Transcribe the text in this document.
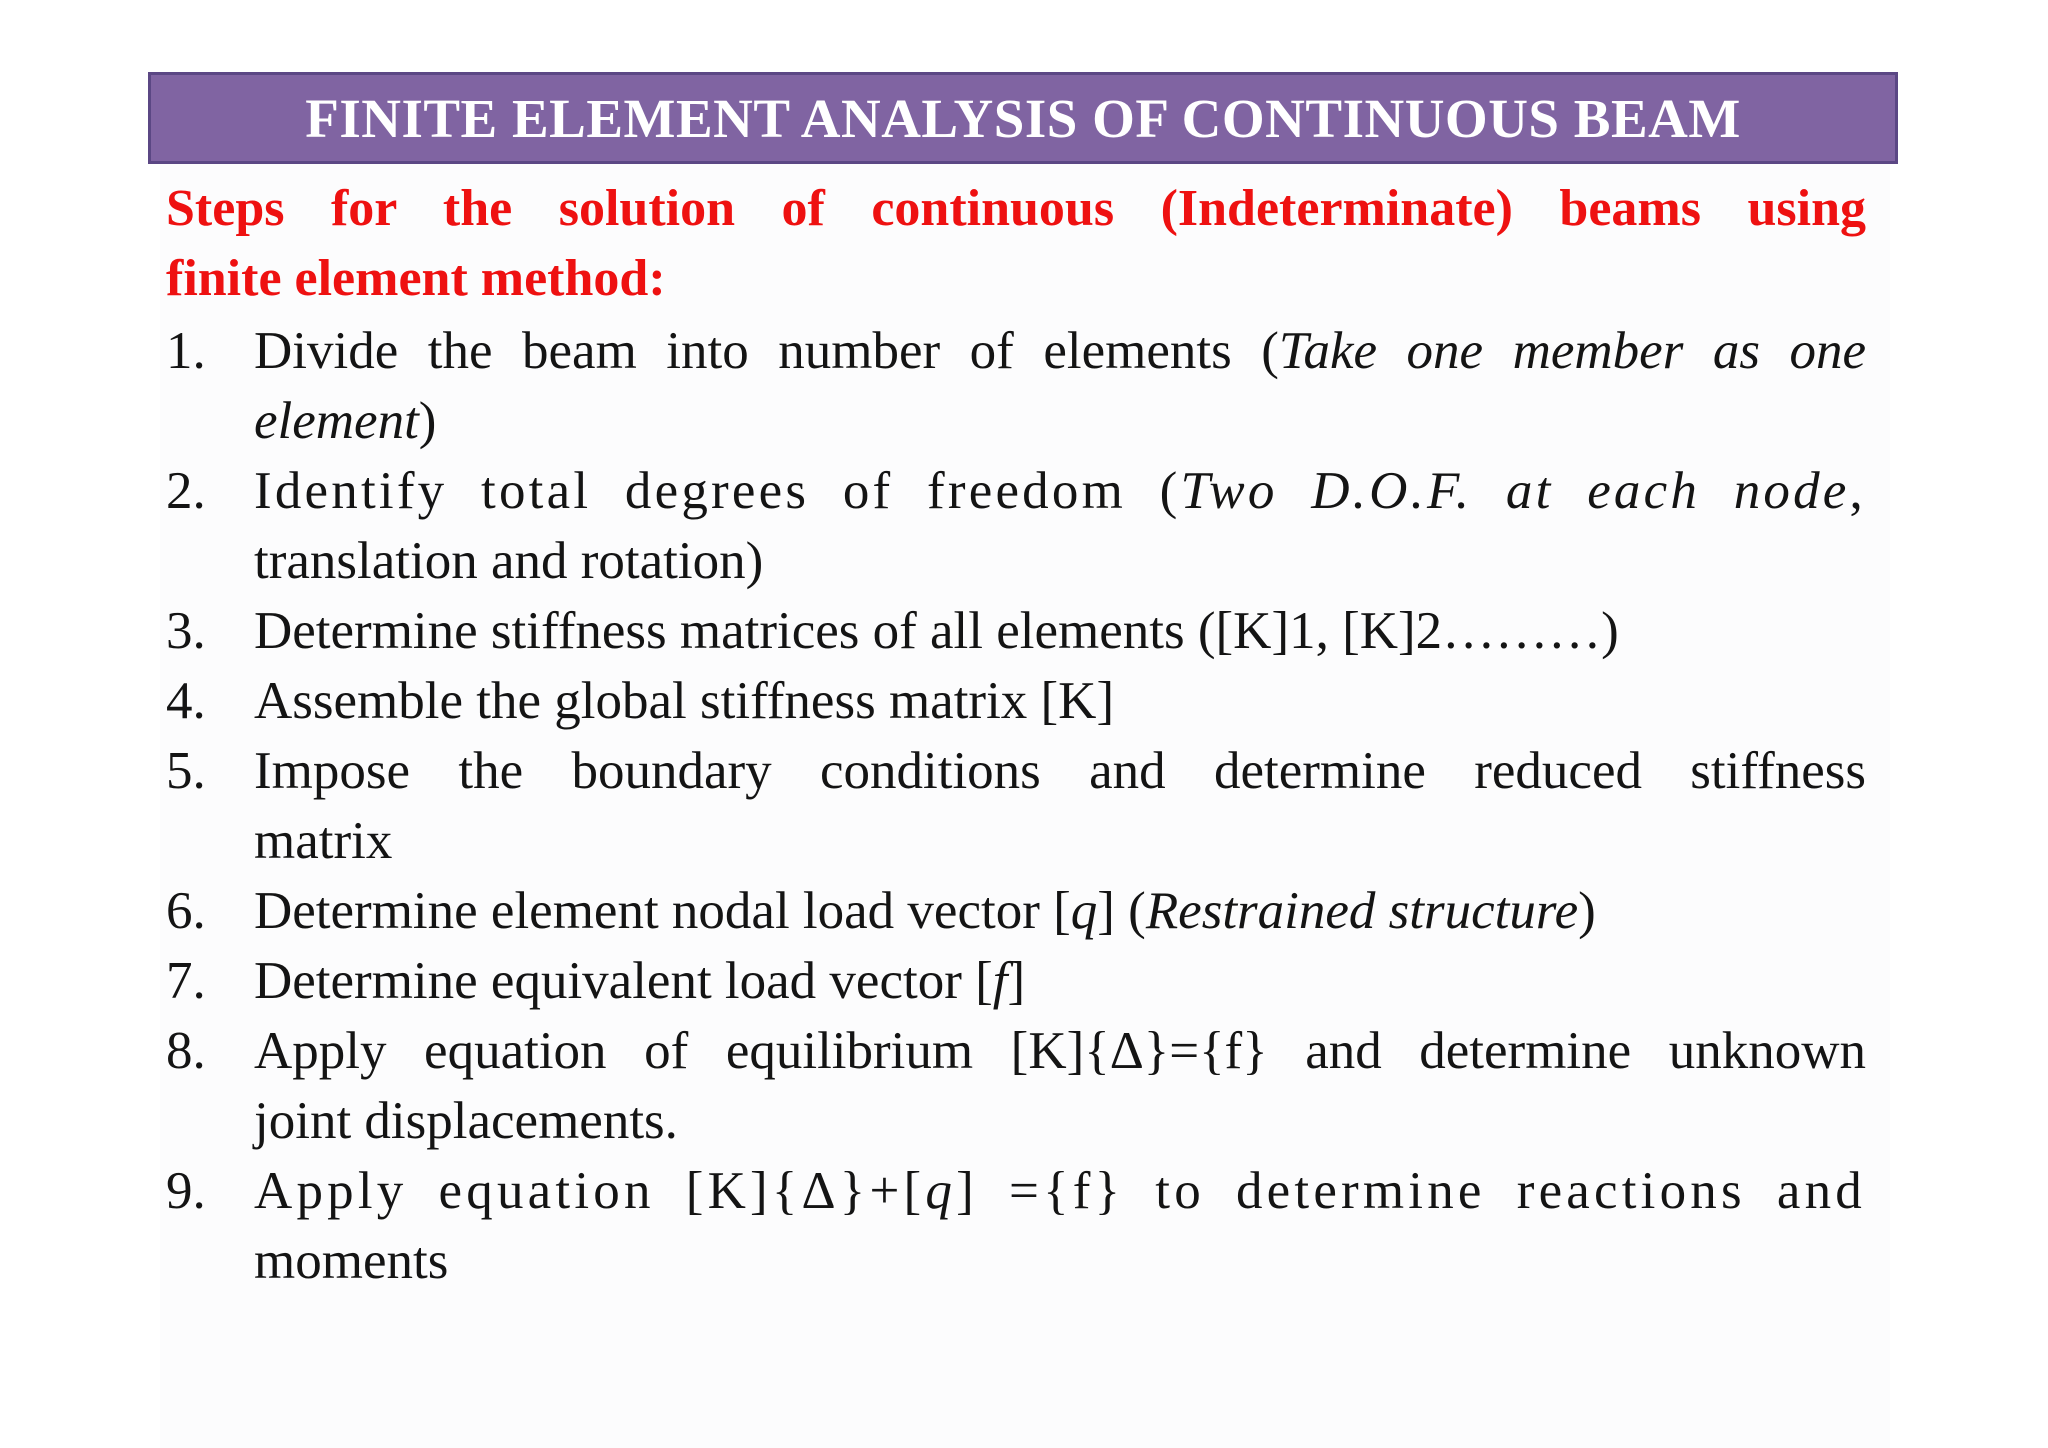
FINITE ELEMENT ANALYSIS OF CONTINUOUS BEAM
Steps for the solution of continuous (Indeterminate) beams using
finite element method:
1. Divide the beam into number of elements (Take one member as one
element)
2. Identify total degrees of freedom (Two D.O.F. at each node,
translation and rotation)
3. Determine stiffness matrices of all elements ([K]1, [K]2………)
4. Assemble the global stiffness matrix [K]
5. Impose the boundary conditions and determine reduced stiffness
matrix
6. Determine element nodal load vector [q] (Restrained structure)
7. Determine equivalent load vector [f]
8. Apply equation of equilibrium [K]{Δ}={f} and determine unknown
joint displacements.
9. Apply equation [K]{Δ}+[q] ={f} to determine reactions and
moments
